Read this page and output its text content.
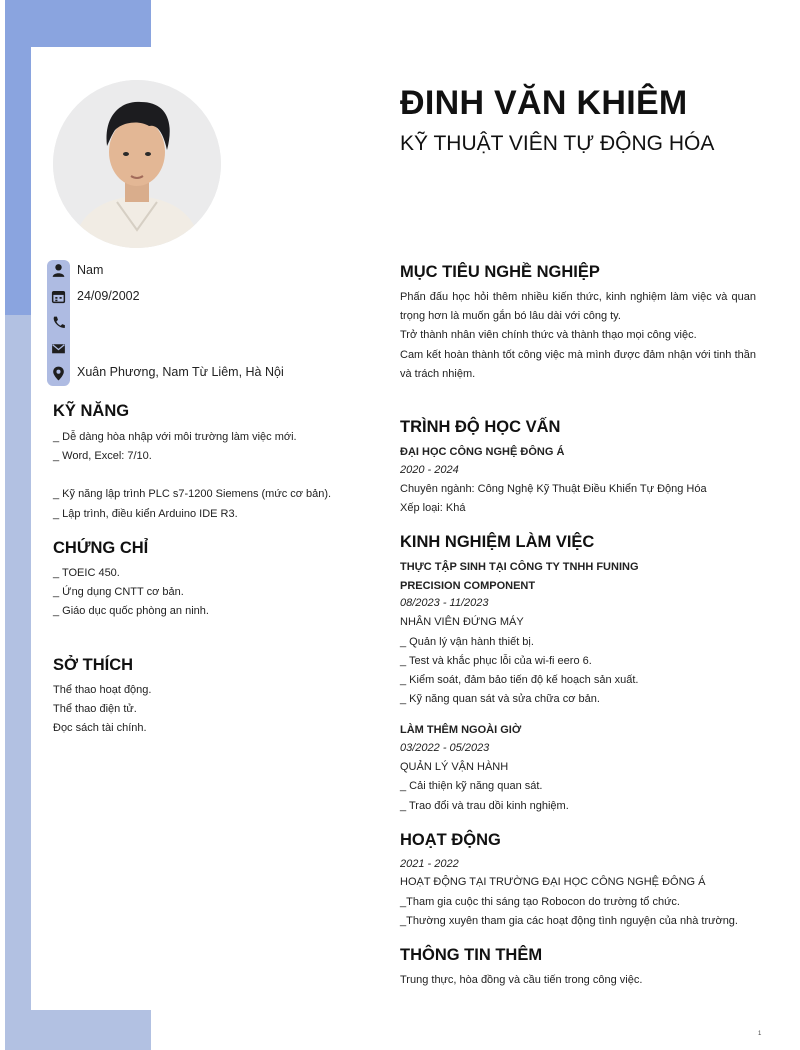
ĐINH VĂN KHIÊM
KỸ THUẬT VIÊN TỰ ĐỘNG HÓA
Nam
24/09/2002
Xuân Phương, Nam Từ Liêm, Hà Nội
KỸ NĂNG
_ Dễ dàng hòa nhập với môi trường làm việc mới.
_ Word, Excel: 7/10.
_ Kỹ năng lập trình PLC s7-1200 Siemens (mức cơ bản).
_ Lập trình, điều kiển Arduino IDE R3.
CHỨNG CHỈ
_ TOEIC 450.
_ Ứng dụng CNTT cơ bản.
_ Giáo dục quốc phòng an ninh.
SỞ THÍCH
Thể thao hoạt động.
Thể thao điện tử.
Đọc sách tài chính.
MỤC TIÊU NGHỀ NGHIỆP
Phấn đấu học hỏi thêm nhiều kiến thức, kinh nghiệm làm việc và quan trọng hơn là muốn gắn bó lâu dài với công ty.
Trở thành nhân viên chính thức và thành thạo mọi công việc.
Cam kết hoàn thành tốt công việc mà mình được đảm nhận với tinh thần và trách nhiệm.
TRÌNH ĐỘ HỌC VẤN
ĐẠI HỌC CÔNG NGHỆ ĐÔNG Á
2020 - 2024
Chuyên ngành: Công Nghệ Kỹ Thuật Điều Khiển Tự Động Hóa
Xếp loại: Khá
KINH NGHIỆM LÀM VIỆC
THỰC TẬP SINH TẠI CÔNG TY TNHH FUNING
PRECISION COMPONENT
08/2023 - 11/2023
NHÂN VIÊN ĐỨNG MÁY
_ Quản lý vận hành thiết bị.
_ Test và khắc phục lỗi của wi-fi eero 6.
_ Kiểm soát, đảm bảo tiến độ kế hoạch sản xuất.
_ Kỹ năng quan sát và sửa chữa cơ bản.
LÀM THÊM NGOÀI GIỜ
03/2022 - 05/2023
QUẢN LÝ VẬN HÀNH
_ Cải thiện kỹ năng quan sát.
_ Trao đổi và trau dồi kinh nghiệm.
HOẠT ĐỘNG
2021 - 2022
HOẠT ĐỘNG TẠI TRƯỜNG ĐẠI HỌC CÔNG NGHỆ ĐÔNG Á
_Tham gia cuộc thi sáng tạo Robocon do trường tổ chức.
_Thường xuyên tham gia các hoạt động tình nguyện của nhà trường.
THÔNG TIN THÊM
Trung thực, hòa đồng và cầu tiến trong công việc.
1
